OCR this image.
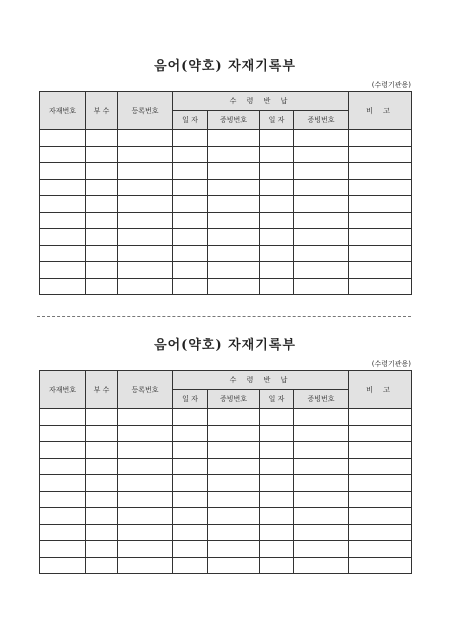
음어(약호) 자재기록부
(수령기관용)
자재번호	부 수	등록번호	수 령 반 납				비 고
			일 자	증빙번호	일 자	증빙번호	

음어(약호) 자재기록부
(수령기관용)
자재번호	부 수	등록번호	수 령 반 납				비 고
			일 자	증빙번호	일 자	증빙번호	
